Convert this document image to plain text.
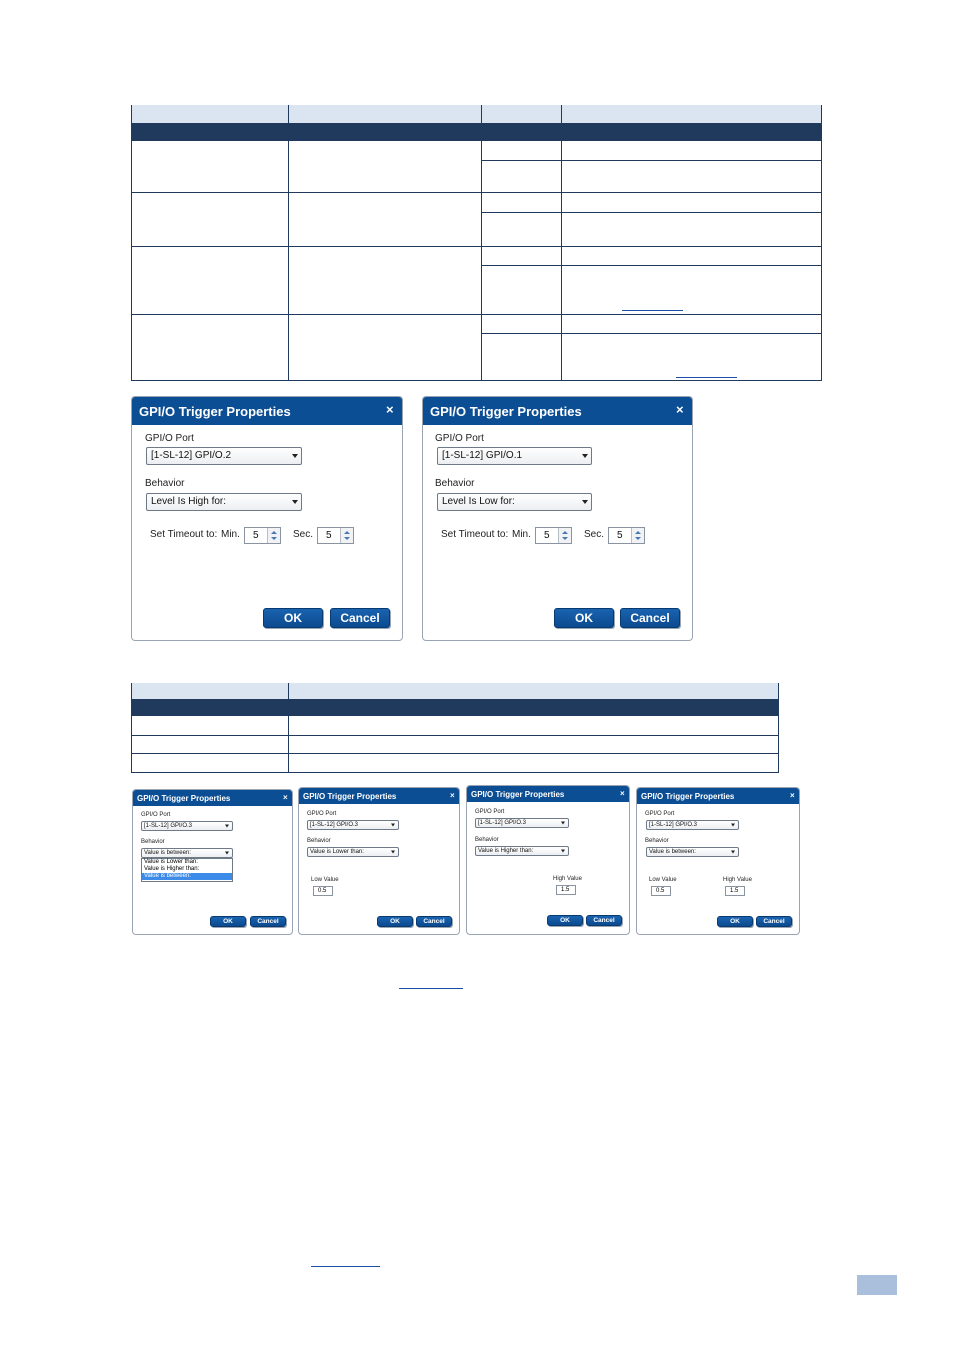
GPI/O Trigger Properties	×
GPI/O Port
[1-SL-12] GPI/O.2
Behavior
Level Is High for:
Set Timeout to: Min. 5	Sec. 5
OK	Cancel
GPI/O Trigger Properties	×
GPI/O Port
[1-SL-12] GPI/O.1
Behavior
Level Is Low for:
Set Timeout to: Min. 5	Sec. 5
OK	Cancel
GPI/O Trigger Properties	×
GPI/O Port
[1-SL-12] GPI/O.3
Behavior
Value is between:
Value is Lower than:
Value is Higher than:
Value is between:
OK	Cancel
GPI/O Trigger Properties	×
GPI/O Port
[1-SL-12] GPI/O.3
Behavior
Value is Lower than:
Low Value
0.5
OK	Cancel
GPI/O Trigger Properties	×
GPI/O Port
[1-SL-12] GPI/O.3
Behavior
Value is Higher than:
High Value
1.5
OK	Cancel
GPI/O Trigger Properties	×
GPI/O Port
[1-SL-12] GPI/O.3
Behavior
Value is between:
Low Value
0.5
High Value
1.5
OK	Cancel
